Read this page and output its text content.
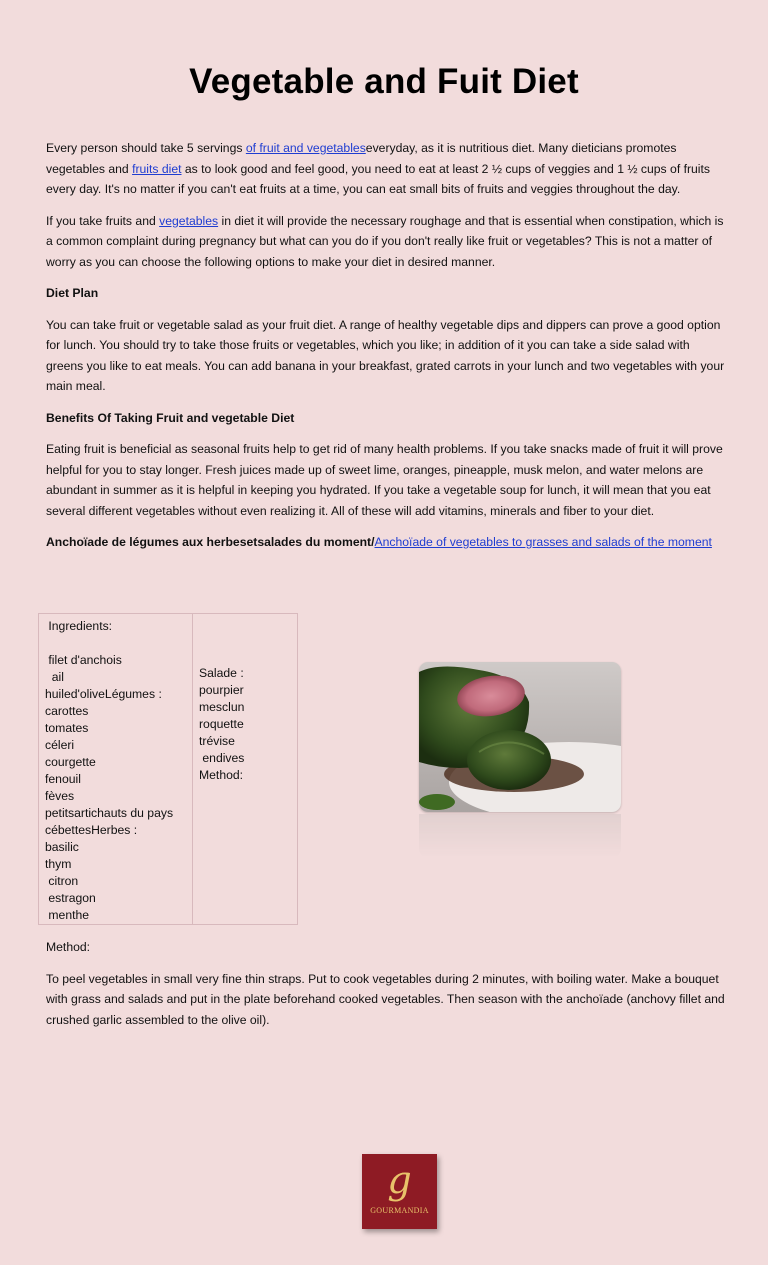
Vegetable and Fuit Diet

Every person should take 5 servings of fruit and vegetableseveryday, as it is nutritious diet. Many dieticians promotes vegetables and fruits diet as to look good and feel good, you need to eat at least 2 ½ cups of veggies and 1 ½ cups of fruits every day. It's no matter if you can't eat fruits at a time, you can eat small bits of fruits and veggies throughout the day.

If you take fruits and vegetables in diet it will provide the necessary roughage and that is essential when constipation, which is a common complaint during pregnancy but what can you do if you don't really like fruit or vegetables? This is not a matter of worry as you can choose the following options to make your diet in desired manner.

Diet Plan

You can take fruit or vegetable salad as your fruit diet. A range of healthy vegetable dips and dippers can prove a good option for lunch. You should try to take those fruits or vegetables, which you like; in addition of it you can take a side salad with greens you like to eat meals. You can add banana in your breakfast, grated carrots in your lunch and two vegetables with your main meal.

Benefits Of Taking Fruit and vegetable Diet

Eating fruit is beneficial as seasonal fruits help to get rid of many health problems. If you take snacks made of fruit it will prove helpful for you to stay longer. Fresh juices made up of sweet lime, oranges, pineapple, musk melon, and water melons are abundant in summer as it is helpful in keeping you hydrated. If you take a vegetable soup for lunch, it will mean that you eat several different vegetables without even realizing it. All of these will add vitamins, minerals and fiber to your diet.

Anchoïade de légumes aux herbesetsalades du moment/Anchoïade of vegetables to grasses and salads of the moment

Ingredients:
filet d'anchois
ail
huiled'oliveLégumes :
carottes
tomates
céleri
courgette
fenouil
fèves
petitsartichauts du pays
cébettesHerbes :
basilic
thym
citron
estragon
menthe

Salade :
pourpier
mesclun
roquette
trévise
endives
Method:

Method:

To peel vegetables in small very fine thin straps. Put to cook vegetables during 2 minutes, with boiling water. Make a bouquet with grass and salads and put in the plate beforehand cooked vegetables. Then season with the anchoïade (anchovy fillet and crushed garlic assembled to the olive oil).

g
GOURMANDIA
